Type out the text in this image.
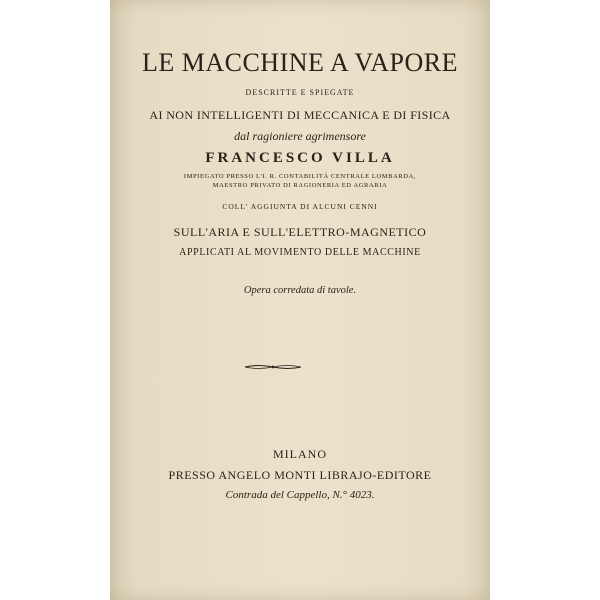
LE MACCHINE A VAPORE
DESCRITTE E SPIEGATE
AI NON INTELLIGENTI DI MECCANICA E DI FISICA
dal ragioniere agrimensore
FRANCESCO VILLA
IMPIEGATO PRESSO L'I. R. CONTABILITÀ CENTRALE LOMBARDA,
MAESTRO PRIVATO DI RAGIONERIA ED AGRARIA
COLL' AGGIUNTA DI ALCUNI CENNI
SULL'ARIA E SULL'ELETTRO-MAGNETICO
APPLICATI AL MOVIMENTO DELLE MACCHINE
Opera corredata di tavole.
MILANO
PRESSO ANGELO MONTI LIBRAJO-EDITORE
Contrada del Cappello, N.° 4023.
